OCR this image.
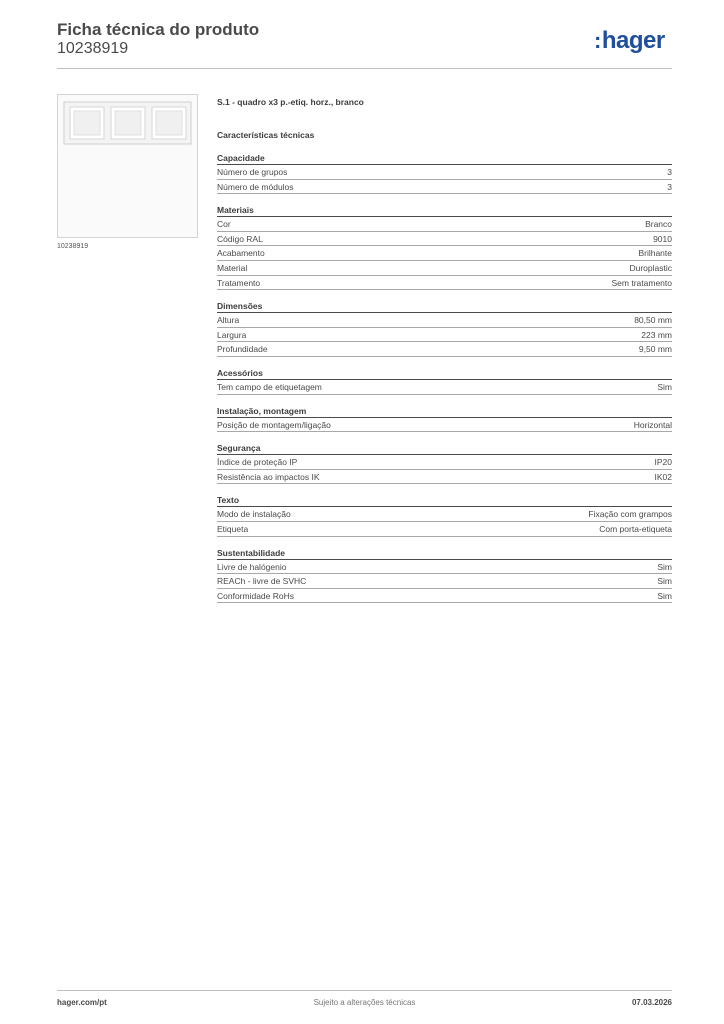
Ficha técnica do produto
10238919	:hager
10238919
S.1 - quadro x3 p.-etiq. horz., branco
Características técnicas
Capacidade
Número de grupos	3
Número de módulos	3
Materiais
Cor	Branco
Código RAL	9010
Acabamento	Brilhante
Material	Duroplastic
Tratamento	Sem tratamento
Dimensões
Altura	80,50 mm
Largura	223 mm
Profundidade	9,50 mm
Acessórios
Tem campo de etiquetagem	Sim
Instalação, montagem
Posição de montagem/ligação	Horizontal
Segurança
Índice de proteção IP	IP20
Resistência ao impactos IK	IK02
Texto
Modo de instalação	Fixação com grampos
Etiqueta	Com porta-etiqueta
Sustentabilidade
Livre de halógenio	Sim
REACh - livre de SVHC	Sim
Conformidade RoHs	Sim
hager.com/pt	Sujeito a alterações técnicas	07.03.2026
